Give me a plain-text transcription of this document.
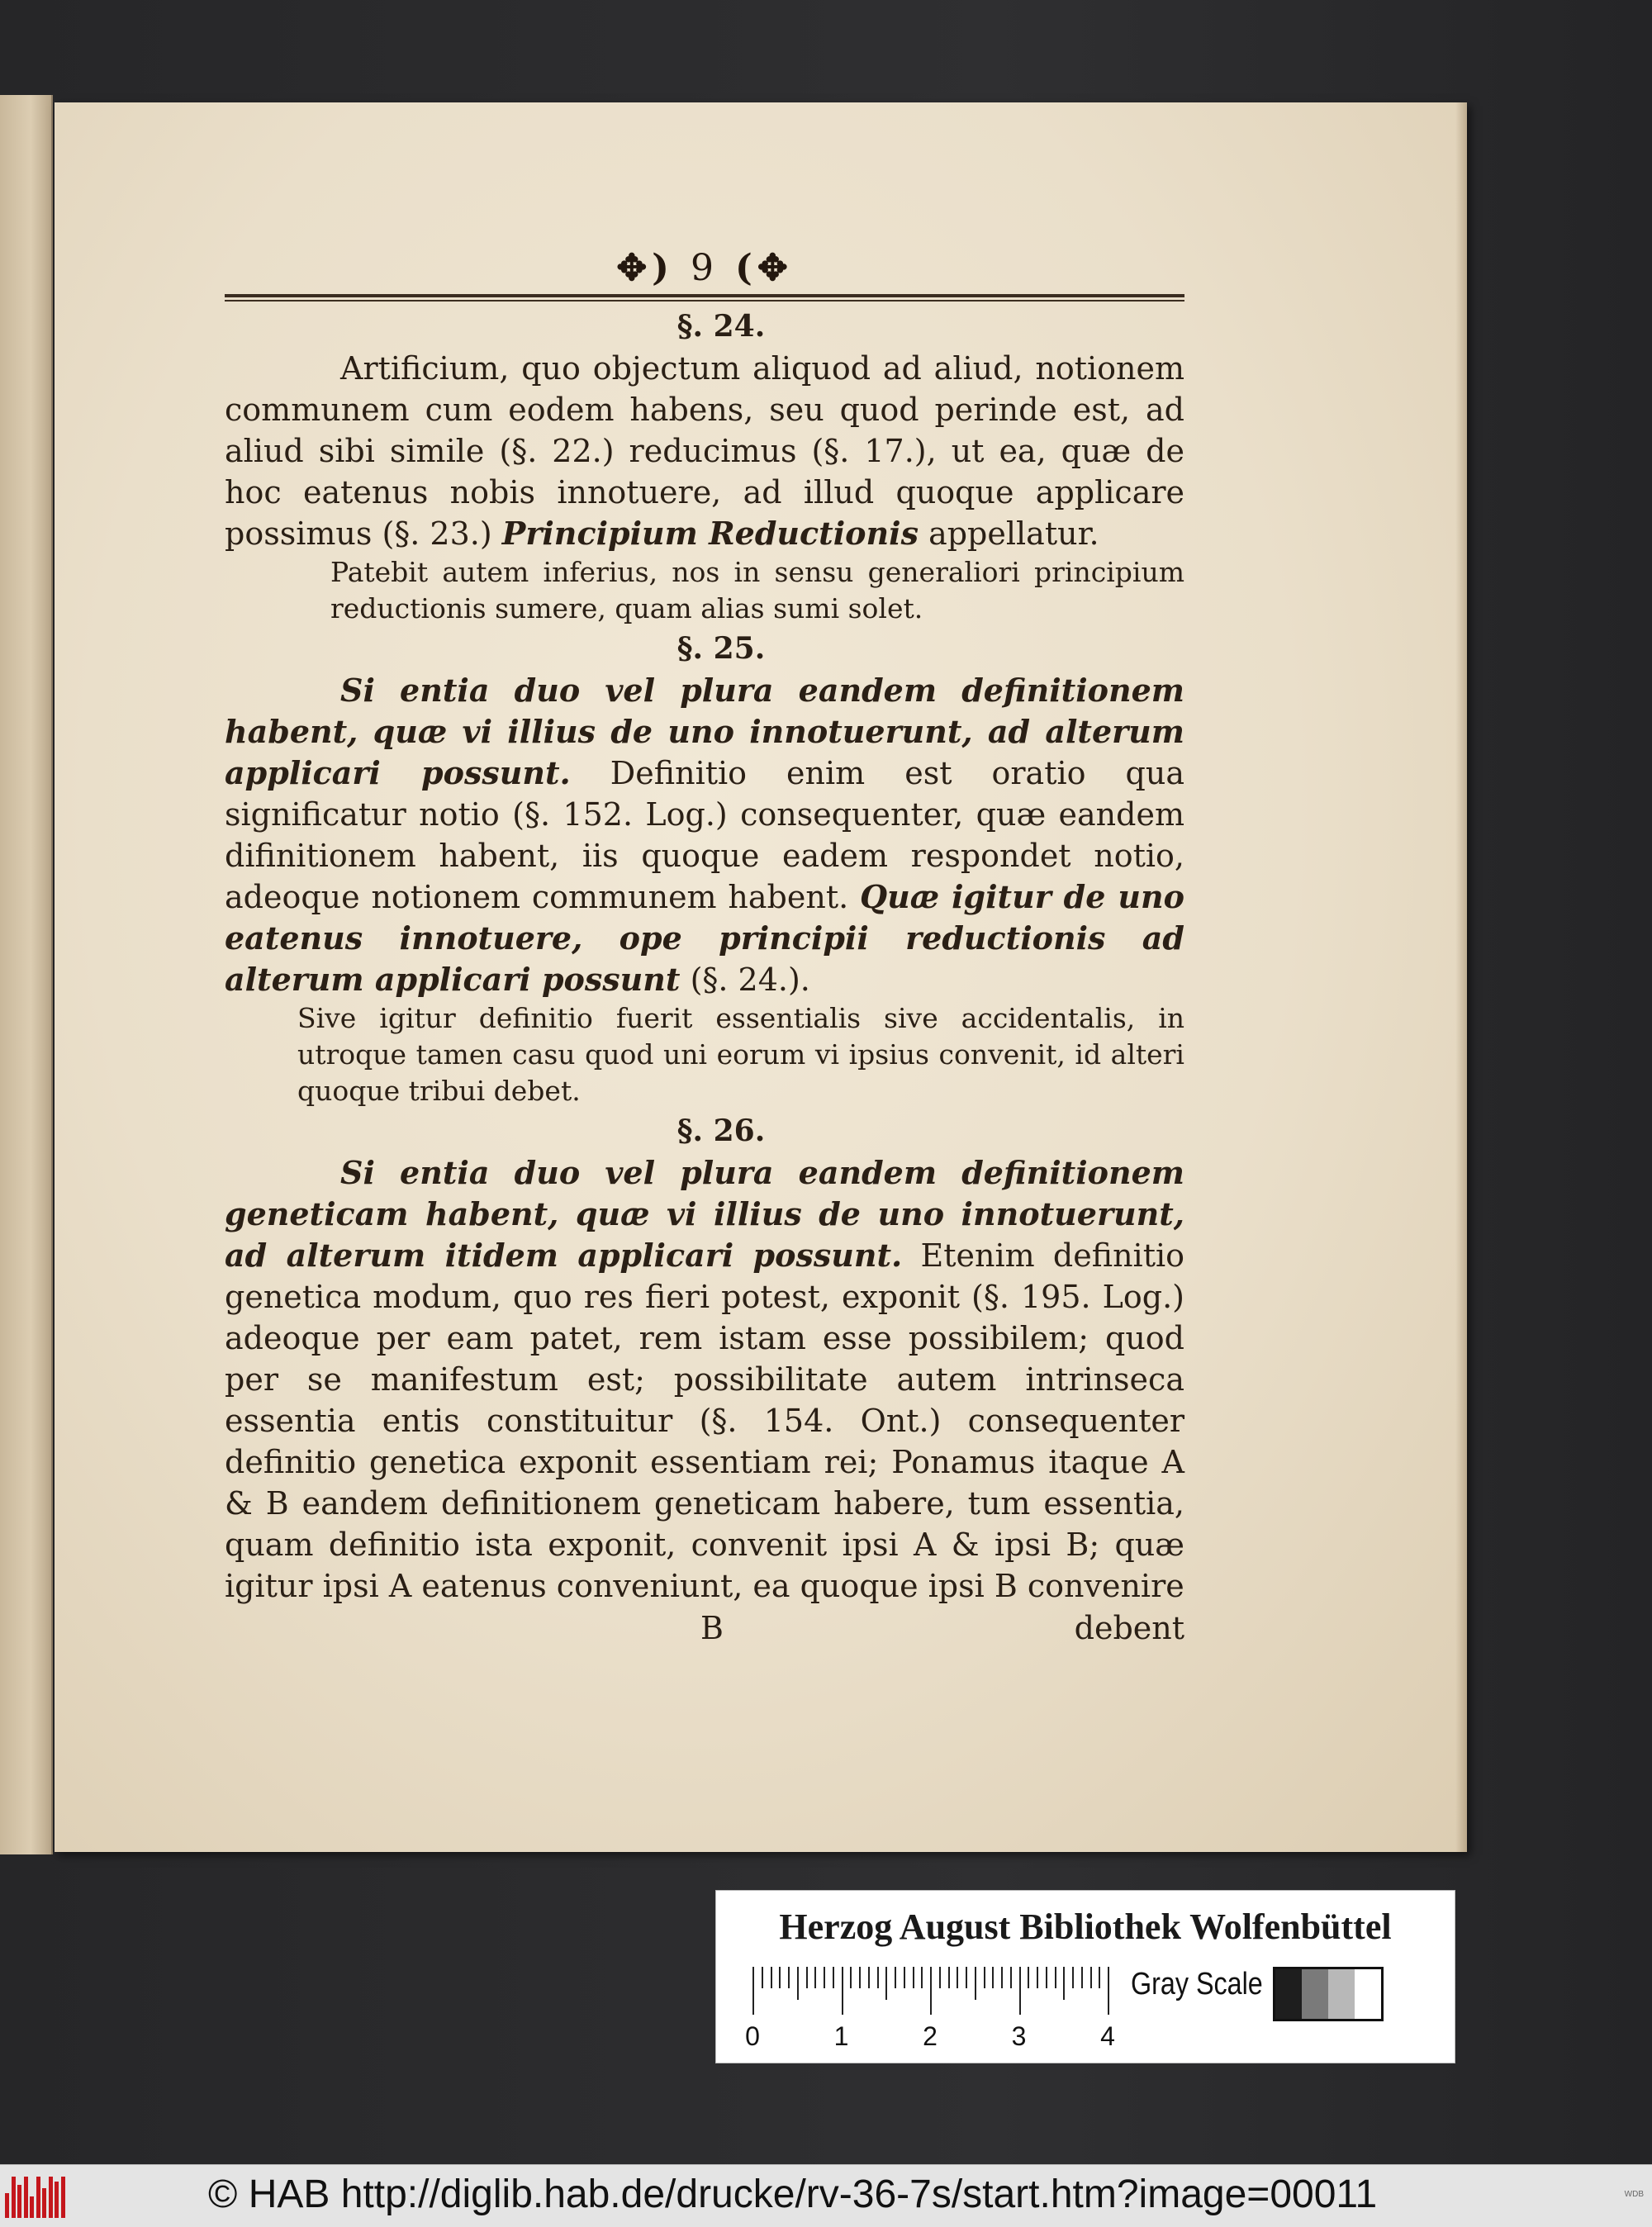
✥) 9 (✥
§. 24.

Artificium, quo objectum aliquod ad aliud, notionem communem cum eodem habens, seu quod perinde est, ad aliud sibi simile (§. 22.) reducimus (§. 17.), ut ea, quæ de hoc eatenus nobis innotuere, ad illud quoque applicare possimus (§. 23.) Principium Reductionis appellatur.

Patebit autem inferius, nos in sensu generaliori principium reductionis sumere, quam alias sumi solet.

§. 25.

Si entia duo vel plura eandem definitionem habent, quæ vi illius de uno innotuerunt, ad alterum applicari possunt. Definitio enim est oratio qua significatur notio (§. 152. Log.) consequenter, quæ eandem difinitionem habent, iis quoque eadem respondet notio, adeoque notionem communem habent. Quæ igitur de uno eatenus innotuere, ope principii reductionis ad alterum applicari possunt (§. 24.).

Sive igitur definitio fuerit essentialis sive accidentalis, in utroque tamen casu quod uni eorum vi ipsius convenit, id alteri quoque tribui debet.

§. 26.

Si entia duo vel plura eandem definitionem geneticam habent, quæ vi illius de uno innotuerunt, ad alterum itidem applicari possunt. Etenim definitio genetica modum, quo res fieri potest, exponit (§. 195. Log.) adeoque per eam patet, rem istam esse possibilem; quod per se manifestum est; possibilitate autem intrinseca essentia entis constituitur (§. 154. Ont.) consequenter definitio genetica exponit essentiam rei; Ponamus itaque A & B eandem definitionem geneticam habere, tum essentia, quam definitio ista exponit, convenit ipsi A & ipsi B; quæ igitur ipsi A eatenus conveniunt, ea quoque ipsi B convenire

B	debent
Herzog August Bibliothek Wolfenbüttel
0	1	2	3	4
Gray Scale
© HAB http://diglib.hab.de/drucke/rv-36-7s/start.htm?image=00011	WDB
